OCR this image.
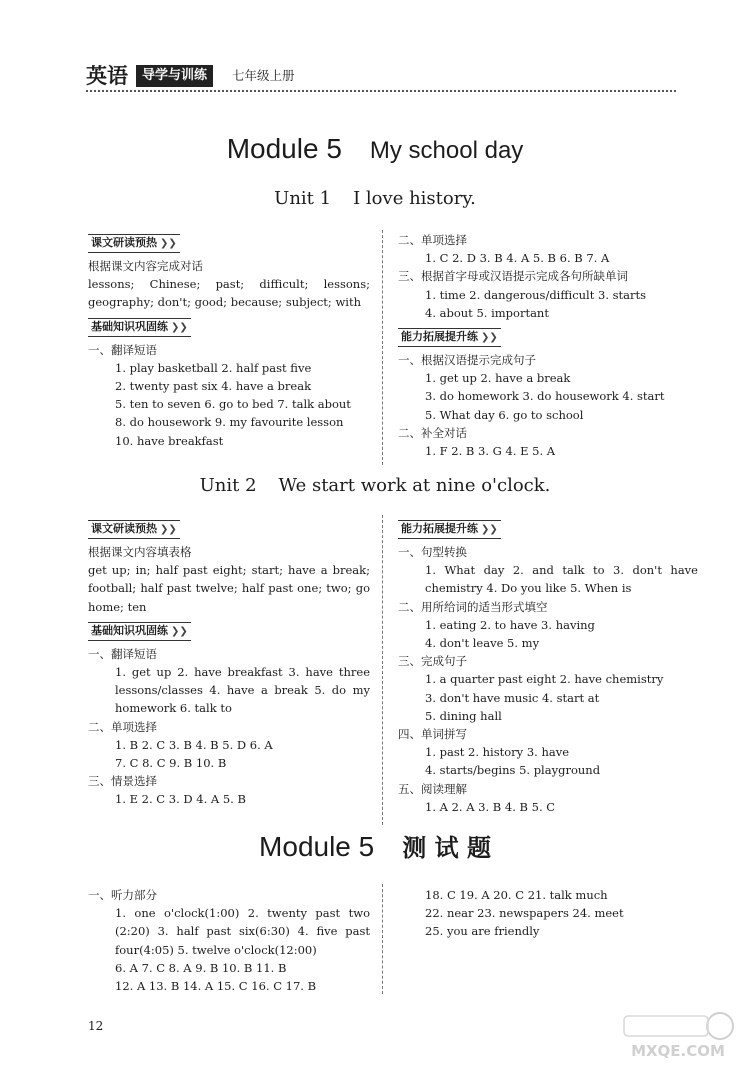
英语	导学与训练	七年级上册
Module 5 My school day
Unit 1 I love history.
课文研读预热 ❯❯
根据课文内容完成对话
lessons; Chinese; past; difficult; lessons; geography; don't; good; because; subject; with
基础知识巩固练 ❯❯
一、翻译短语
1. play basketball 2. half past five
2. twenty past six 4. have a break
5. ten to seven 6. go to bed 7. talk about
8. do housework 9. my favourite lesson
10. have breakfast
二、单项选择
1. C 2. D 3. B 4. A 5. B 6. B 7. A
三、根据首字母或汉语提示完成各句所缺单词
1. time 2. dangerous/difficult 3. starts
4. about 5. important
能力拓展提升练 ❯❯
一、根据汉语提示完成句子
1. get up 2. have a break
3. do homework 3. do housework 4. start
5. What day 6. go to school
二、补全对话
1. F 2. B 3. G 4. E 5. A
Unit 2 We start work at nine o'clock.
课文研读预热 ❯❯
根据课文内容填表格
get up; in; half past eight; start; have a break; football; half past twelve; half past one; two; go home; ten
基础知识巩固练 ❯❯
一、翻译短语
1. get up 2. have breakfast 3. have three lessons/classes 4. have a break 5. do my homework 6. talk to
二、单项选择
1. B 2. C 3. B 4. B 5. D 6. A
7. C 8. C 9. B 10. B
三、情景选择
1. E 2. C 3. D 4. A 5. B
能力拓展提升练 ❯❯
一、句型转换
1. What day 2. and talk to 3. don't have chemistry 4. Do you like 5. When is
二、用所给词的适当形式填空
1. eating 2. to have 3. having
4. don't leave 5. my
三、完成句子
1. a quarter past eight 2. have chemistry
3. don't have music 4. start at
5. dining hall
四、单词拼写
1. past 2. history 3. have
4. starts/begins 5. playground
五、阅读理解
1. A 2. A 3. B 4. B 5. C
Module 5 测 试 题
一、听力部分
1. one o'clock(1:00) 2. twenty past two (2:20) 3. half past six(6:30) 4. five past four(4:05) 5. twelve o'clock(12:00)
6. A 7. C 8. A 9. B 10. B 11. B
12. A 13. B 14. A 15. C 16. C 17. B
18. C 19. A 20. C 21. talk much
22. near 23. newspapers 24. meet
25. you are friendly
12
MXQE.COM
